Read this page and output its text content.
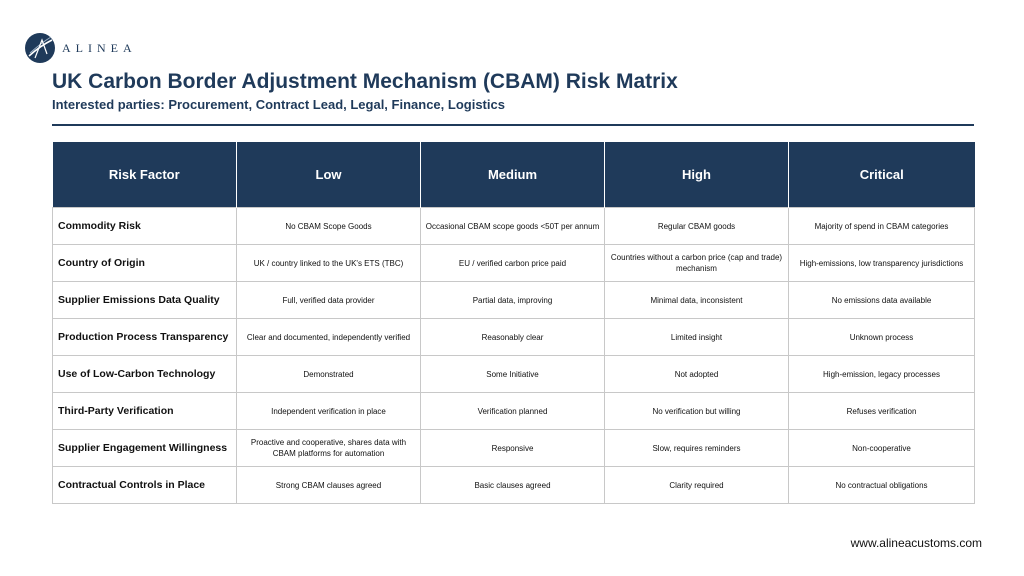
ALINEA
UK Carbon Border Adjustment Mechanism (CBAM) Risk Matrix
Interested parties: Procurement, Contract Lead, Legal, Finance, Logistics
Risk Factor	Low	Medium	High	Critical
Commodity Risk	No CBAM Scope Goods	Occasional CBAM scope goods <50T per annum	Regular CBAM goods	Majority of spend in CBAM categories
Country of Origin	UK / country linked to the UK's ETS (TBC)	EU / verified carbon price paid	Countries without a carbon price (cap and trade) mechanism	High-emissions, low transparency jurisdictions
Supplier Emissions Data Quality	Full, verified data provider	Partial data, improving	Minimal data, inconsistent	No emissions data available
Production Process Transparency	Clear and documented, independently verified	Reasonably clear	Limited insight	Unknown process
Use of Low-Carbon Technology	Demonstrated	Some Initiative	Not adopted	High-emission, legacy processes
Third-Party Verification	Independent verification in place	Verification planned	No verification but willing	Refuses verification
Supplier Engagement Willingness	Proactive and cooperative, shares data with CBAM platforms for automation	Responsive	Slow, requires reminders	Non-cooperative
Contractual Controls in Place	Strong CBAM clauses agreed	Basic clauses agreed	Clarity required	No contractual obligations
www.alineacustoms.com
